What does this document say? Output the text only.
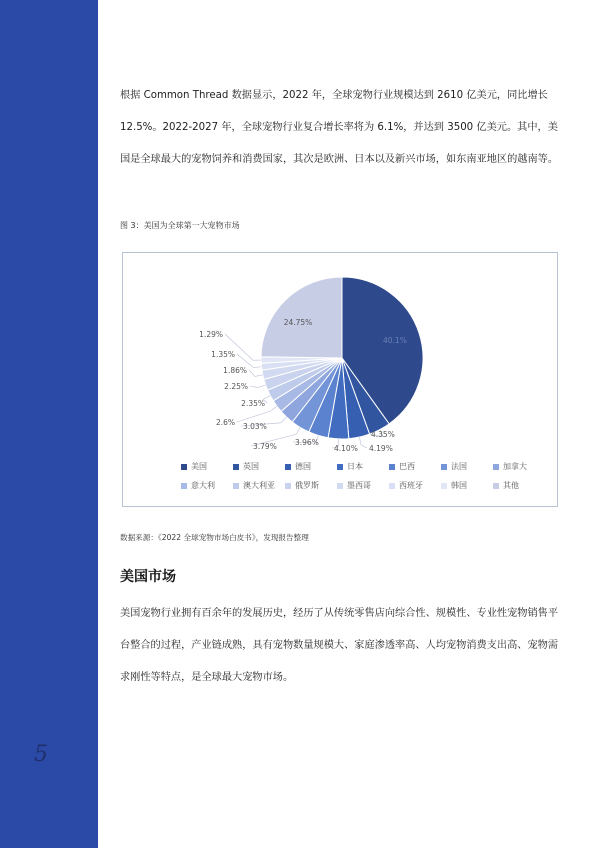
5

根据 Common Thread 数据显示，2022 年，全球宠物行业规模达到 2610 亿美元，同比增长 12.5%。2022-2027 年，全球宠物行业复合增长率将为 6.1%，并达到 3500 亿美元。其中，美国是全球最大的宠物饲养和消费国家，其次是欧洲、日本以及新兴市场，如东南亚地区的越南等。

图 3：美国为全球第一大宠物市场
40.1%
4.35%
4.19%
4.10%
3.96%
3.79%
3.03%
2.6%
2.35%
2.25%
1.86%
1.35%
1.29%
24.75%
美国	英国	德国	日本	巴西	法国	加拿大
意大利	澳大利亚	俄罗斯	墨西哥	西班牙	韩国	其他
数据来源：《2022 全球宠物市场白皮书》，发现报告整理
美国市场

美国宠物行业拥有百余年的发展历史，经历了从传统零售店向综合性、规模性、专业性宠物销售平台整合的过程，产业链成熟，具有宠物数量规模大、家庭渗透率高、人均宠物消费支出高、宠物需求刚性等特点，是全球最大宠物市场。
